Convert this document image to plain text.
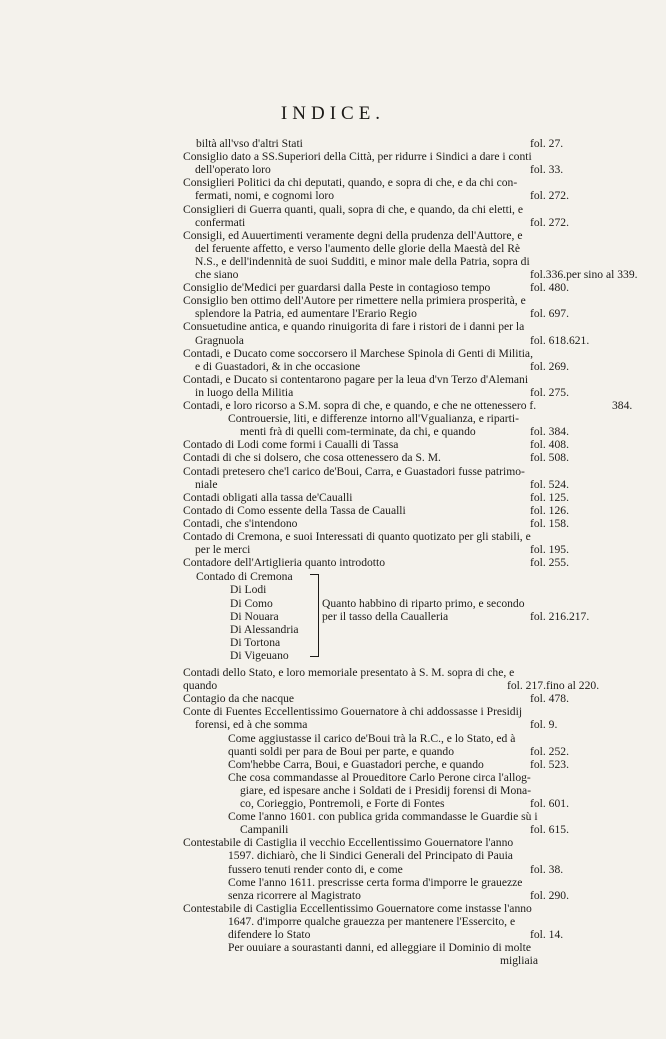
INDICE.
biltà all'vso d'altri Stati	fol. 27.
Consiglio dato a SS.Superiori della Città, per ridurre i Sindici a dare i conti
dell'operato loro	fol. 33.
Consiglieri Politici da chi deputati, quando, e sopra di che, e da chi con-
fermati, nomi, e cognomi loro	fol. 272.
Consiglieri di Guerra quanti, quali, sopra di che, e quando, da chi eletti, e
confermati	fol. 272.
Consigli, ed Auuertimenti veramente degni della prudenza dell'Auttore, e
del feruente affetto, e verso l'aumento delle glorie della Maestà del Rè
N.S., e dell'indennità de suoi Sudditi, e minor male della Patria, sopra di
che siano	fol.336.per sino al 339.
Consiglio de'Medici per guardarsi dalla Peste in contagioso tempo	fol. 480.
Consiglio ben ottimo dell'Autore per rimettere nella primiera prosperità, e
splendore la Patria, ed aumentare l'Erario Regio	fol. 697.
Consuetudine antica, e quando rinuigorita di fare i ristori de i danni per la
Gragnuola	fol. 618.621.
Contadi, e Ducato come soccorsero il Marchese Spinola di Genti di Militia,
e di Guastadori, & in che occasione	fol. 269.
Contadi, e Ducato si contentarono pagare per la leua d'vn Terzo d'Alemani
in luogo della Militia	fol. 275.
Contadi, e loro ricorso a S.M. sopra di che, e quando, e che ne ottenessero f.	384.
Controuersie, liti, e differenze intorno all'Vgualianza, e riparti-
menti frà di quelli com-terminate, da chi, e quando	fol. 384.
Contado di Lodi come formi i Caualli di Tassa	fol. 408.
Contadi di che si dolsero, che cosa ottenessero da S. M.	fol. 508.
Contadi pretesero che'l carico de'Boui, Carra, e Guastadori fusse patrimo-
niale	fol. 524.
Contadi obligati alla tassa de'Caualli	fol. 125.
Contado di Como essente della Tassa de Caualli	fol. 126.
Contadi, che s'intendono	fol. 158.
Contado di Cremona, e suoi Interessati di quanto quotizato per gli stabili, e
per le merci	fol. 195.
Contadore dell'Artiglieria quanto introdotto	fol. 255.
Contado di Cremona
Di Lodi
Di Como
Di Nouara
Di Alessandria
Di Tortona
Di Vigeuano
Quanto habbino di riparto primo, e secondo
per il tasso della Caualleria	fol. 216.217.
Contadi dello Stato, e loro memoriale presentato à S. M. sopra di che, e
quando	fol. 217.fino al 220.
Contagio da che nacque	fol. 478.
Conte di Fuentes Eccellentissimo Gouernatore à chi addossasse i Presidij
forensi, ed à che somma	fol. 9.
Come aggiustasse il carico de'Boui trà la R.C., e lo Stato, ed à
quanti soldi per para de Boui per parte, e quando	fol. 252.
Com'hebbe Carra, Boui, e Guastadori perche, e quando	fol. 523.
Che cosa commandasse al Proueditore Carlo Perone circa l'allog-
giare, ed ispesare anche i Soldati de i Presidij forensi di Mona-
co, Corieggio, Pontremoli, e Forte di Fontes	fol. 601.
Come l'anno 1601. con publica grida commandasse le Guardie sù i
Campanili	fol. 615.
Contestabile di Castiglia il vecchio Eccellentissimo Gouernatore l'anno
1597. dichiarò, che li Sindici Generali del Principato di Pauia
fussero tenuti render conto di, e come	fol. 38.
Come l'anno 1611. prescrisse certa forma d'imporre le grauezze
senza ricorrere al Magistrato	fol. 290.
Contestabile di Castiglia Eccellentissimo Gouernatore come instasse l'anno
1647. d'imporre qualche grauezza per mantenere l'Essercito, e
difendere lo Stato	fol. 14.
Per ouuiare a sourastanti danni, ed alleggiare il Dominio di molte
migliaia
